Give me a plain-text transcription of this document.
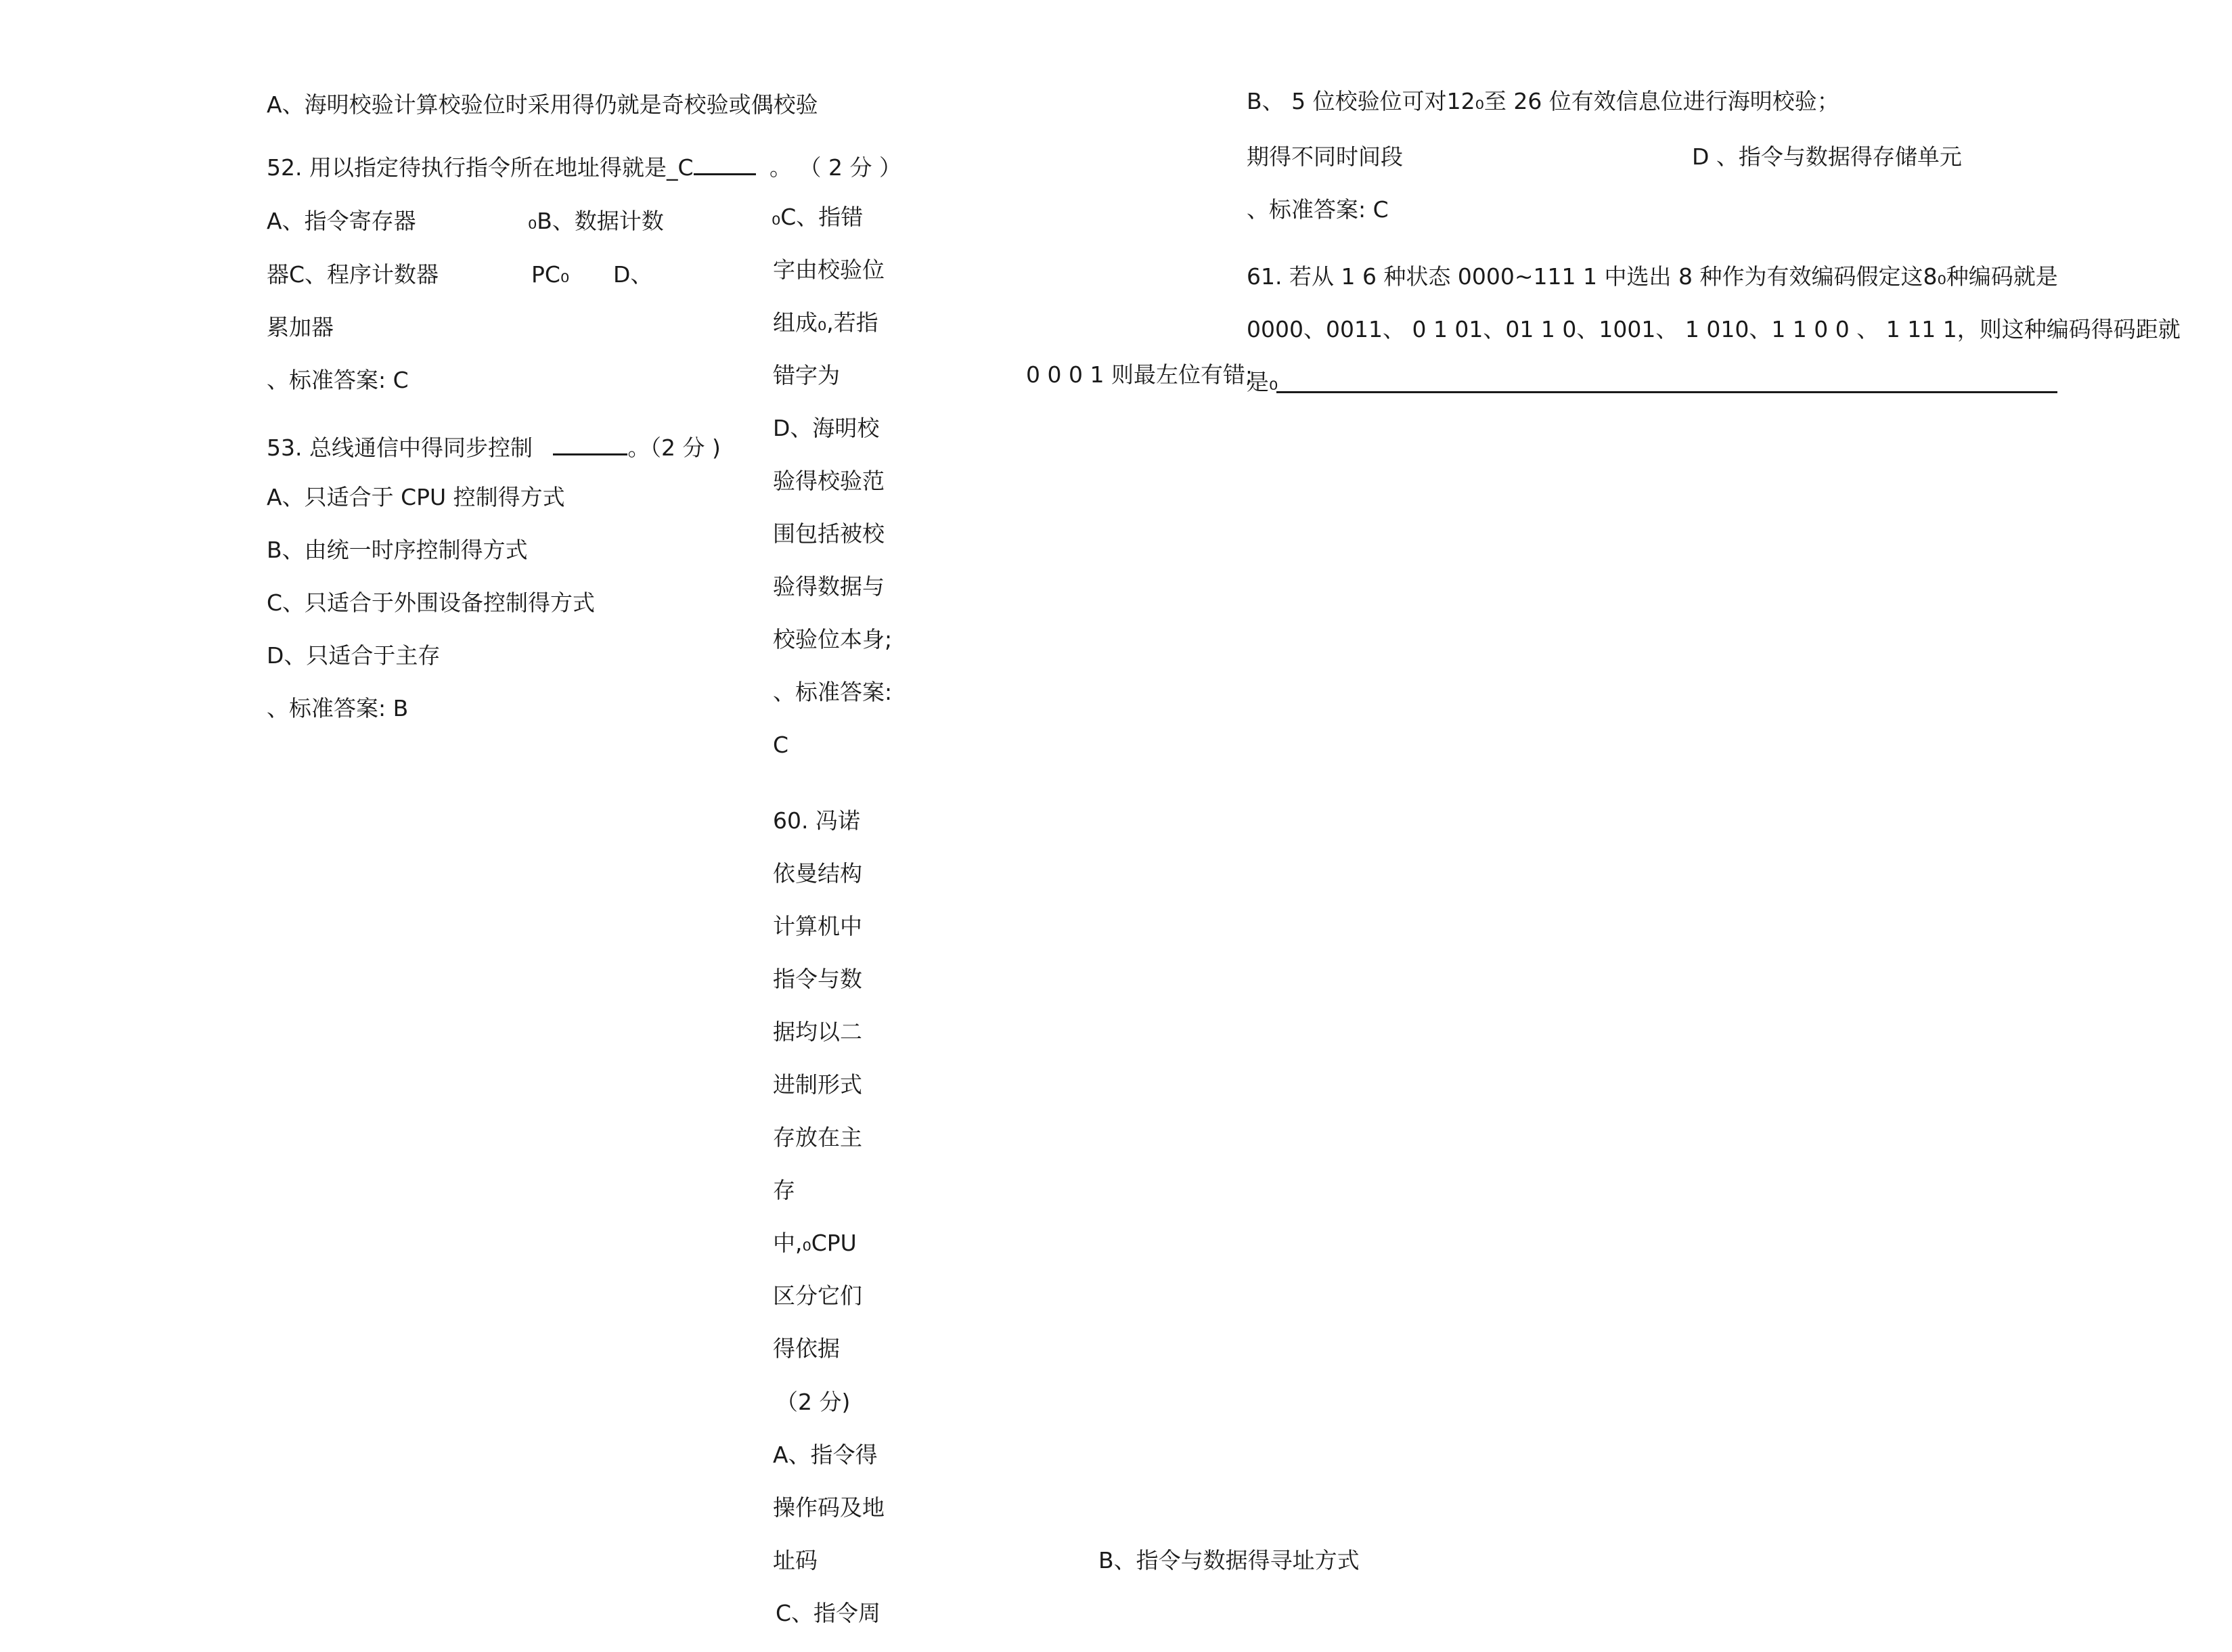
A、海明校验计算校验位时采用得仍就是奇校验或偶校验
52. 用以指定待执行指令所在地址得就是_C	。 （ 2 分 ）
A、指令寄存器	₀B、数据计数
器C、程序计数器	PC₀ D、
累加器
、标准答案: C
53. 总线通信中得同步控制	。（2 分 )
A、只适合于 CPU 控制得方式
B、由统一时序控制得方式
C、只适合于外围设备控制得方式
D、只适合于主存
、标准答案: B
₀C、指错
字由校验位
组成₀,若指
错字为
D、海明校
验得校验范
围包括被校
验得数据与
校验位本身;
、标准答案:
C
60. 冯诺
依曼结构
计算机中
指令与数
据均以二
进制形式
存放在主
存
中,₀CPU
区分它们
得依据
（2 分)
A、指令得
操作码及地
址码
C、指令周
0 0 0 1 则最左位有错;
B、指令与数据得寻址方式
B、 5 位校验位可对12₀至 26 位有效信息位进行海明校验；
期得不同时间段	D 、指令与数据得存储单元
、标准答案: C
61. 若从 1 6 种状态 0000~111 1 中选出 8 种作为有效编码假定这8₀种编码就是
0000、0011、 0 1 01、01 1 0、1001、 1 010、1 1 0 0 、 1 11 1，则这种编码得码距就
是₀
